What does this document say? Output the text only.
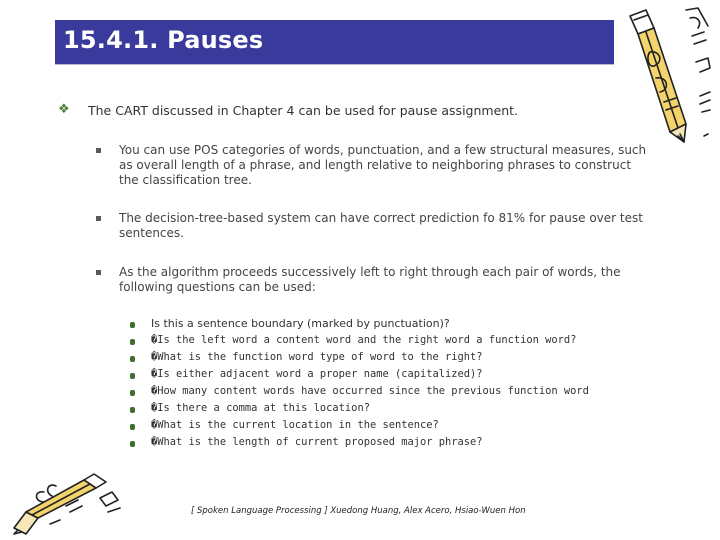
15.4.1. Pauses
❖ The CART discussed in Chapter 4 can be used for pause assignment.
You can use POS categories of words, punctuation, and a few structural measures, such as overall length of a phrase, and length relative to neighboring phrases to construct the classification tree.
The decision-tree-based system can have correct prediction fo 81% for pause over test sentences.
As the algorithm proceeds successively left to right through each pair of words, the following questions can be used:
Is this a sentence boundary (marked by punctuation)?
�Is the left word a content word and the right word a function word?
�What is the function word type of word to the right?
�Is either adjacent word a proper name (capitalized)?
�How many content words have occurred since the previous function word
�Is there a comma at this location?
�What is the current location in the sentence?
�What is the length of current proposed major phrase?
[ Spoken Language Processing ] Xuedong Huang, Alex Acero, Hsiao-Wuen Hon
